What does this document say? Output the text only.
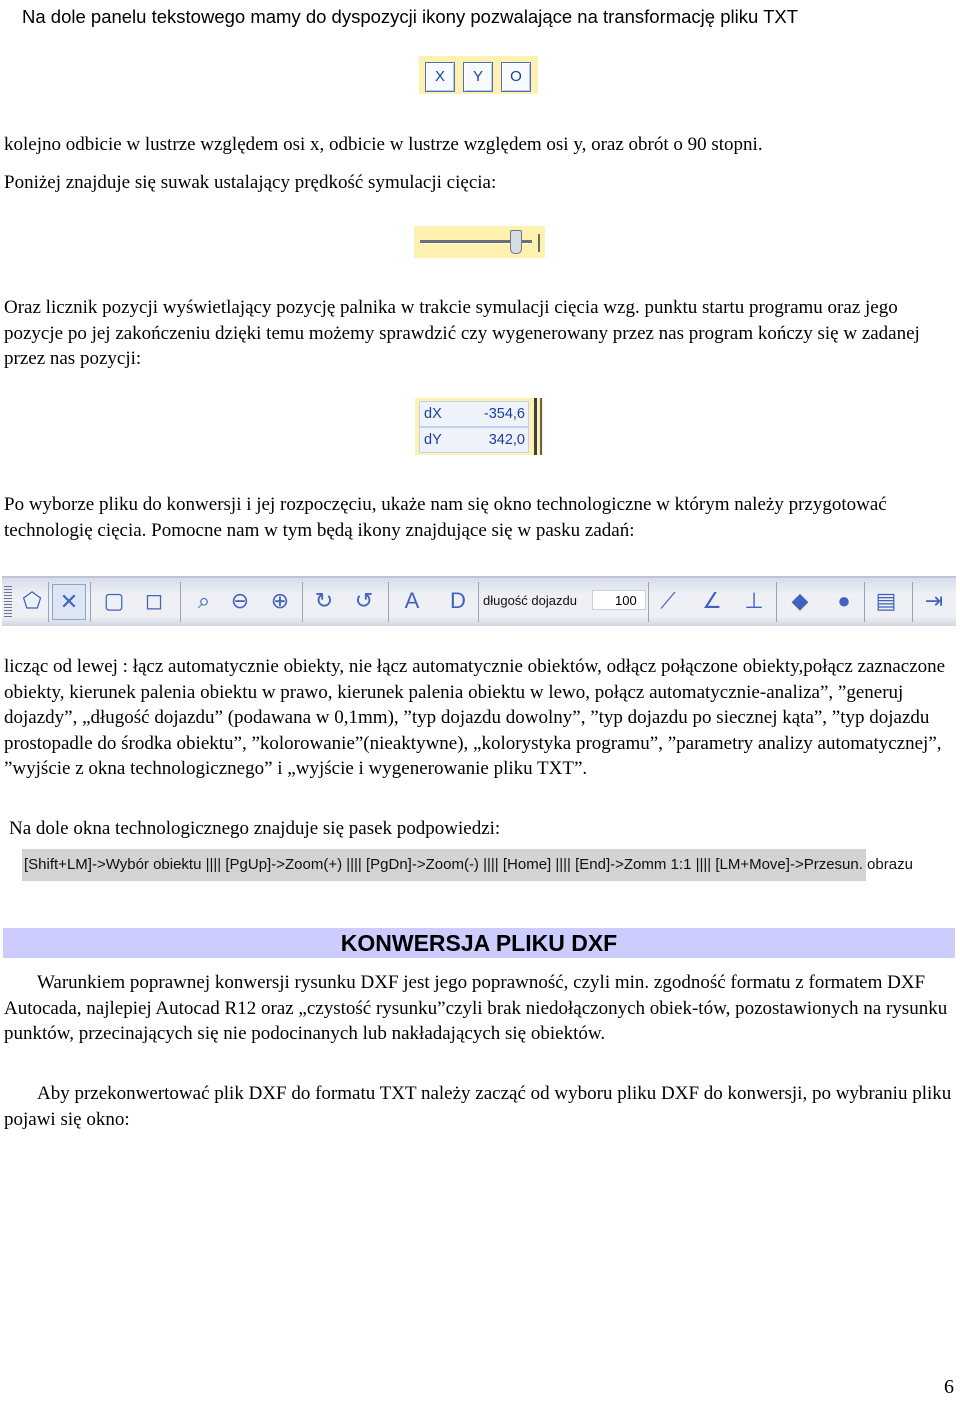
Na dole panelu tekstowego mamy do dyspozycji ikony pozwalające na transformację pliku TXT

X	Y	O

kolejno odbicie w lustrze względem osi x, odbicie w lustrze względem osi y, oraz obrót o 90 stopni.

Poniżej znajduje się suwak ustalający prędkość symulacji cięcia:

Oraz licznik pozycji wyświetlający pozycję palnika w trakcie symulacji cięcia wzg. punktu startu programu oraz jego pozycje po jej zakończeniu dzięki temu możemy sprawdzić czy wygenerowany przez nas program kończy się w zadanej przez nas pozycji:

dX	-354,6
dY	342,0

Po wyborze pliku do konwersji i jej rozpoczęciu, ukaże nam się okno technologiczne w którym należy przygotować technologię cięcia. Pomocne nam w tym będą ikony znajdujące się w pasku zadań:

⬠ ✕	▢ ◻	⌕ ⊖ ⊕	↻ ↺	A	D	⟋	∠ ⊥	◆	●	▤	⇥
długość dojazdu	100

licząc od lewej : łącz automatycznie obiekty, nie łącz automatycznie obiektów, odłącz połączone obiekty,połącz zaznaczone obiekty, kierunek palenia obiektu w prawo, kierunek palenia obiektu w lewo, połącz automatycznie-analiza”, ”generuj dojazdy”, „długość dojazdu” (podawana w 0,1mm), ”typ dojazdu dowolny”, ”typ dojazdu po siecznej kąta”, ”typ dojazdu prostopadle do środka obiektu”, ”kolorowanie”(nieaktywne), „kolorystyka programu”, ”parametry analizy automatycznej”, ”wyjście z okna technologicznego” i „wyjście i wygenerowanie pliku TXT”.

Na dole okna technologicznego znajduje się pasek podpowiedzi:

[Shift+LM]->Wybór obiektu |||| [PgUp]->Zoom(+) |||| [PgDn]->Zoom(-) |||| [Home] |||| [End]->Zomm 1:1 |||| [LM+Move]->Przesun. obrazu
KONWERSJA PLIKU DXF

Warunkiem poprawnej konwersji rysunku DXF jest jego poprawność, czyli min. zgodność formatu z formatem DXF Autocada, najlepiej Autocad R12 oraz „czystość rysunku”czyli brak niedołączonych obiek-tów, pozostawionych na rysunku punktów, przecinających się nie podocinanych lub nakładających się obiektów.

Aby przekonwertować plik DXF do formatu TXT należy zacząć od wyboru pliku DXF do konwersji, po wybraniu pliku pojawi się okno:

6
